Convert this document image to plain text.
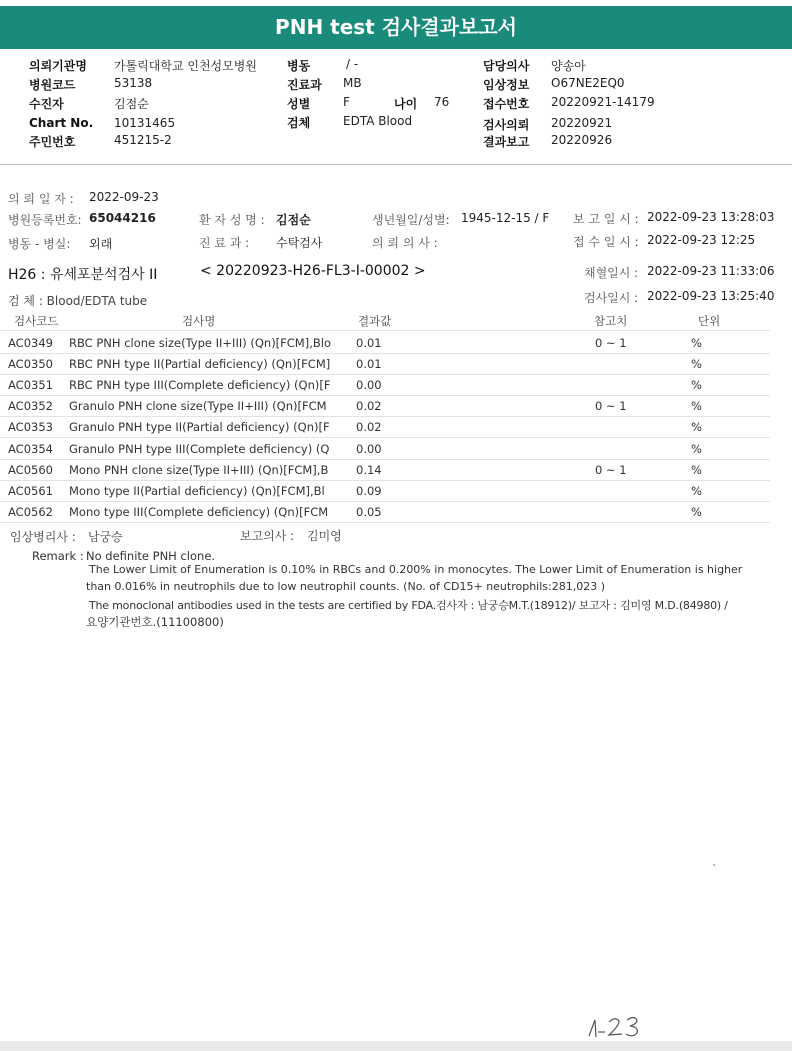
PNH test 검사결과보고서
의뢰기관명 가톨릭대학교 인천성모병원
병원코드	53138
수진자	김점순
Chart No. 10131465
주민번호	451215-2
병동	/ -
진료과 MB
성별	F	나이 76
검체	EDTA Blood
담당의사 양송아
임상정보 O67NE2EQ0
접수번호 20220921-14179
검사의뢰 20220921
결과보고 20220926
의 뢰 일 자 : 2022-09-23
병원등록번호: 65044216	환 자 성 명 : 김점순	생년월일/성별: 1945-12-15 / F 보 고 일 시 : 2022-09-23 13:28:03
병동 - 병실: 외래	진 료 과 : 수탁검사	의 뢰 의 사 :	접 수 일 시 : 2022-09-23 12:25
채혈일시 : 2022-09-23 11:33:06
검사일시 : 2022-09-23 13:25:40
H26 : 유세포분석검사 II	< 20220923-H26-FL3-I-00002 >
검 체 : Blood/EDTA tube
검사코드	검사명	결과값	참고치	단위
AC0349 RBC PNH clone size(Type II+III) (Qn)[FCM],Blo 0.01	0 ~ 1	%
AC0350 RBC PNH type II(Partial deficiency) (Qn)[FCM] 0.01	%
AC0351 RBC PNH type III(Complete deficiency) (Qn)[F 0.00	%
AC0352 Granulo PNH clone size(Type II+III) (Qn)[FCM	0.02	0 ~ 1	%
AC0353 Granulo PNH type II(Partial deficiency) (Qn)[F 0.02	%
AC0354 Granulo PNH type III(Complete deficiency) (Q 0.00	%
AC0560 Mono PNH clone size(Type II+III) (Qn)[FCM],B 0.14	0 ~ 1	%
AC0561 Mono type II(Partial deficiency) (Qn)[FCM],Bl	0.09	%
AC0562 Mono type III(Complete deficiency) (Qn)[FCM 0.05	%
임상병리사 : 남궁승	보고의사 : 김미영
Remark : No definite PNH clone.
The Lower Limit of Enumeration is 0.10% in RBCs and 0.200% in monocytes. The Lower Limit of Enumeration is higher
than 0.016% in neutrophils due to low neutrophil counts. (No. of CD15+ neutrophils:281,023 )
The monoclonal antibodies used in the tests are certified by FDA.검사자 : 남궁승M.T.(18912)/ 보고자 : 김미영 M.D.(84980) /
요양기관번호.(11100800)
